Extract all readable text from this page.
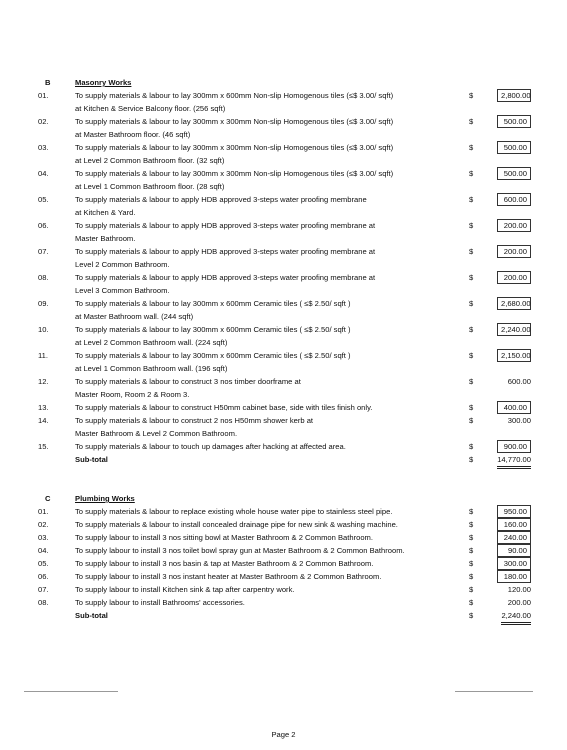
B	Masonry Works
01.	To supply materials & labour to lay 300mm x 600mm Non-slip Homogenous tiles (≤$ 3.00/ sqft)	$	2,800.00
at Kitchen & Service Balcony floor. (256 sqft)
02.	To supply materials & labour to lay 300mm x 300mm Non-slip Homogenous tiles (≤$ 3.00/ sqft)	$	500.00
at Master Bathroom floor. (46 sqft)
03.	To supply materials & labour to lay 300mm x 300mm Non-slip Homogenous tiles (≤$ 3.00/ sqft)	$	500.00
at Level 2 Common Bathroom floor. (32 sqft)
04.	To supply materials & labour to lay 300mm x 300mm Non-slip Homogenous tiles (≤$ 3.00/ sqft)	$	500.00
at Level 1 Common Bathroom floor. (28 sqft)
05.	To supply materials & labour to apply HDB approved 3-steps water proofing membrane	$	600.00
at Kitchen & Yard.
06.	To supply materials & labour to apply HDB approved 3-steps water proofing membrane at	$	200.00
Master Bathroom.
07.	To supply materials & labour to apply HDB approved 3-steps water proofing membrane at	$	200.00
Level 2 Common Bathroom.
08.	To supply materials & labour to apply HDB approved 3-steps water proofing membrane at	$	200.00
Level 3 Common Bathroom.
09.	To supply materials & labour to lay 300mm x 600mm Ceramic tiles ( ≤$ 2.50/ sqft )	$	2,680.00
at Master Bathroom wall. (244 sqft)
10.	To supply materials & labour to lay 300mm x 600mm Ceramic tiles ( ≤$ 2.50/ sqft )	$	2,240.00
at Level 2 Common Bathroom wall. (224 sqft)
11.	To supply materials & labour to lay 300mm x 600mm Ceramic tiles ( ≤$ 2.50/ sqft )	$	2,150.00
at Level 1 Common Bathroom wall. (196 sqft)
12.	To supply materials & labour to construct 3 nos timber doorframe at	$	600.00
Master Room, Room 2 & Room 3.
13.	To supply materials & labour to construct H50mm cabinet base, side with tiles finish only.	$	400.00
14.	To supply materials & labour to construct 2 nos H50mm shower kerb at	$	300.00
Master Bathroom & Level 2 Common Bathroom.
15.	To supply materials & labour to touch up damages after hacking at affected area.	$	900.00
Sub-total	$	14,770.00
C	Plumbing Works
01.	To supply materials & labour to replace existing whole house water pipe to stainless steel pipe.	$	950.00
02.	To supply materials & labour to install concealed drainage pipe for new sink & washing machine.	$	160.00
03.	To supply labour to install 3 nos sitting bowl at Master Bathroom & 2 Common Bathroom.	$	240.00
04.	To supply labour to install 3 nos toilet bowl spray gun at Master Bathroom & 2 Common Bathroom.	$	90.00
05.	To supply labour to install 3 nos basin & tap at Master Bathroom & 2 Common Bathroom.	$	300.00
06.	To supply labour to install 3 nos instant heater at Master Bathroom & 2 Common Bathroom.	$	180.00
07.	To supply labour to install Kitchen sink & tap after carpentry work.	$	120.00
08.	To supply labour to install Bathrooms' accessories.	$	200.00
Sub-total	$	2,240.00
Page 2
